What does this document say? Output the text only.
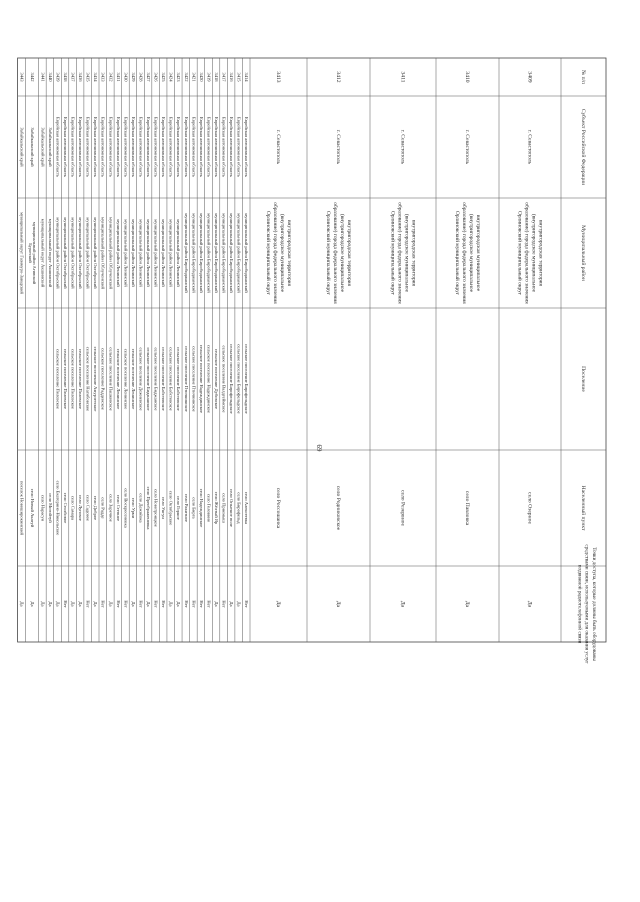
69
№ п/п
Субъект Российской Федерации
Муниципальный район
Поселение
Населенный пункт
Точки доступа, которые должны быть оборудованы
средствами связи, используемыми для оказания услуг
подвижной радиотелефонной связи
3409
г. Севастополь
внутригородская территория
(внутригородское муниципальное
образование) города федерального значения
Орлиновский муниципальный округ
село Озерное
Да
3410
г. Севастополь
внутригородская муниципальное
(внутригородское муниципальное
образование) города федерального значения
Орлиновский муниципальный округ
село Павловка
Да
3411
г. Севастополь
внутригородская территория
(внутригородское муниципальное
образование) города федерального значения
Орлиновский муниципальный округ
село Резервное
Да
3412
г. Севастополь
внутригородская территория
(внутригородское муниципальное
образование) города федерального значения
Орлиновский муниципальный округ
село Родниковское
Да
3413
г. Севастополь
внутригородская территория
(внутригородское муниципальное
образование) города федерального значения
Орлиновский муниципальный округ
село Россошанка
Да
3414
Еврейская автономная область
муниципальный район Биробиджанский
сельское поселение Бирофельдское
село Алексеевка
Нет
3415
Еврейская автономная область
муниципальный район Биробиджанский
сельское поселение Бирофельдское
село Бирофельд
Да
3416
Еврейская автономная область
муниципальный район Биробиджанский
сельское поселение Бирофельдское
село Опытное поле
Да
3417
Еврейская автономная область
муниципальный район Биробиджанский
сельское поселение Валдгеймское
село Приемыш
Нет
3418
Еврейская автономная область
муниципальный район Биробиджанский
сельское поселение Дубовское
село Жёлтый Яр
Да
3419
Еврейская автономная область
муниципальный район Биробиджанский
сельское поселение Надеждинское
село Головино
Нет
3420
Еврейская автономная область
муниципальный район Биробиджанский
сельское поселение Надеждинское
село Надеждинское
Нет
3421
Еврейская автономная область
муниципальный район Биробиджанский
сельское поселение Птичнинское
село Бирга
Нет
3422
Еврейская автономная область
муниципальный район Биробиджанский
сельское поселение Птичнинское
село Ракитное
Нет
3423
Еврейская автономная область
муниципальный район Ленинский
сельское поселение Бабстовское
село Горное
Да
3424
Еврейская автономная область
муниципальный район Ленинский
сельское поселение Бабстовское
село Октябрьское
Да
3425
Еврейская автономная область
муниципальный район Ленинский
сельское поселение Бабстовское
село Унгун
Нет
3426
Еврейская автономная область
муниципальный район Ленинский
сельское поселение Биджанское
село Новотроицкое
Нет
3427
Еврейская автономная область
муниципальный район Ленинский
сельское поселение Биджанское
село Преображеновка
Да
3428
Еврейская автономная область
муниципальный район Ленинский
сельское поселение Дежневское
село Дежнёвка
Нет
3429
Еврейская автономная область
муниципальный район Ленинский
сельское поселение Ленинское
село Урми
Да
3430
Еврейская автономная область
муниципальный район Ленинский
сельское поселение Ленинское
село Воскресеновка
Нет
3431
Еврейская автономная область
муниципальный район Ленинский
сельское поселение Ленинское
село Степное
Нет
3432
Еврейская автономная область
муниципальный район Облученский
сельское поселение Пашковское
село Заречное
Да
3433
Еврейская автономная область
муниципальный район Облученский
сельское поселение Радденское
село Радде
Нет
3434
Еврейская автономная область
муниципальный район Октябрьский
сельское поселение Амурзетское
село Доброе
Да
3435
Еврейская автономная область
муниципальный район Октябрьский
сельское поселение Нагибовское
село Садовое
Нет
3436
Еврейская автономная область
муниципальный район Октябрьский
сельское поселение Полевское
село Луговое
Да
3437
Еврейская автономная область
муниципальный район Октябрьский
сельское поселение Полевское
село Самара
Да
3438
Еврейская автономная область
муниципальный район Октябрьский
сельское поселение Полевское
село Столбовое
Нет
3439
Еврейская автономная область
муниципальный район Октябрьский
сельское поселение Полевское
село Екатерино-Никольское
Да
3440
Забайкальский край
муниципальный округ Акшинский
село Могойтуй
Да
3441
Забайкальский край
муниципальный округ Акшинский
село Нарасун
Да
3442
Забайкальский край
муниципальный район Агинский
Бурятский
село Новый Акатуй
Да
3443
Забайкальский край
муниципальный округ Газимуро-Заводский
поселок Новоширокинский
Да
